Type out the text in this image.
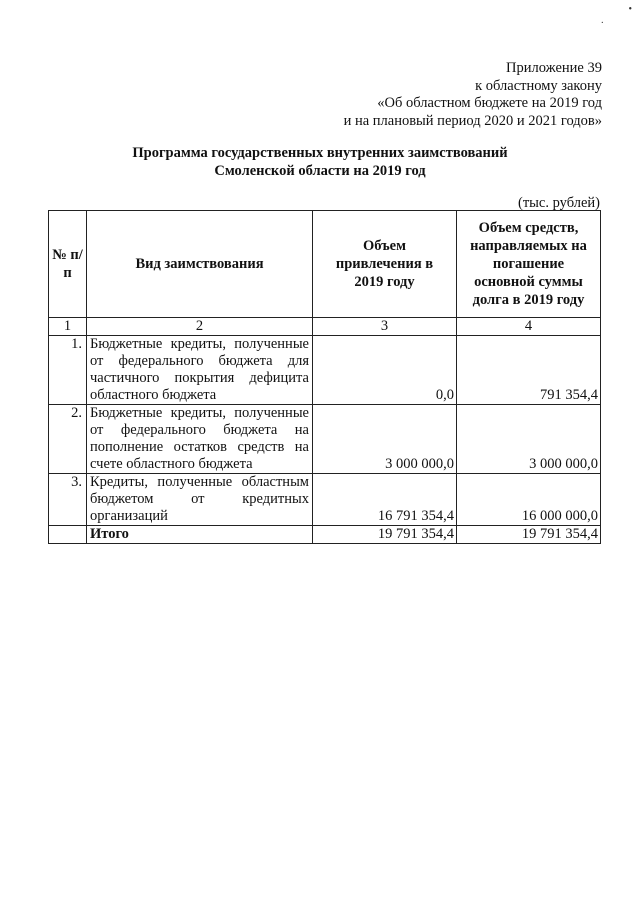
Приложение 39
к областному закону
«Об областном бюджете на 2019 год
и на плановый период 2020 и 2021 годов»
Программа государственных внутренних заимствований
Смоленской области на 2019 год
(тыс. рублей)
№ п/п	Вид заимствования	Объем привлечения в 2019 году	Объем средств, направляемых на погашение основной суммы долга в 2019 году
1	2	3	4
1.	Бюджетные кредиты, полученные от федерального бюджета для частичного покрытия дефицита областного бюджета	0,0	791 354,4
2.	Бюджетные кредиты, полученные от федерального бюджета на пополнение остатков средств на счете областного бюджета	3 000 000,0	3 000 000,0
3.	Кредиты, полученные областным бюджетом от кредитных организаций	16 791 354,4	16 000 000,0
	Итого	19 791 354,4	19 791 354,4
•
·
